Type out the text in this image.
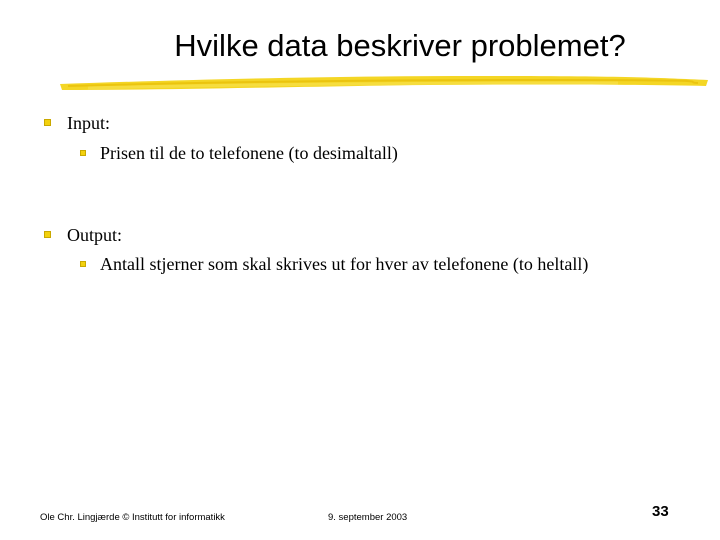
Hvilke data beskriver problemet?
Input:
Prisen til de to telefonene (to desimaltall)
Output:
Antall stjerner som skal skrives ut for hver av telefonene (to heltall)
Ole Chr. Lingjærde © Institutt for informatikk	9. september 2003	33
